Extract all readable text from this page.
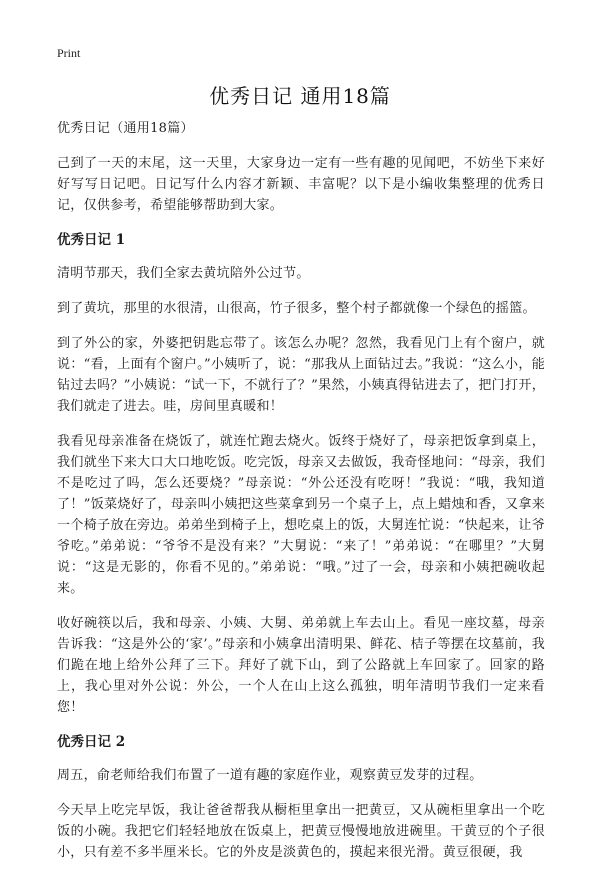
Print
优秀日记 通用18篇

优秀日记（通用18篇）

己到了一天的末尾，这一天里，大家身边一定有一些有趣的见闻吧，不妨坐下来好好写写日记吧。日记写什么内容才新颖、丰富呢？以下是小编收集整理的优秀日记，仅供参考，希望能够帮助到大家。

优秀日记 1

清明节那天，我们全家去黄坑陪外公过节。

到了黄坑，那里的水很清，山很高，竹子很多，整个村子都就像一个绿色的摇篮。

到了外公的家，外婆把钥匙忘带了。该怎么办呢？忽然，我看见门上有个窗户，就说：“看，上面有个窗户。”小姨听了，说：“那我从上面钻过去。”我说：“这么小，能钻过去吗？”小姨说：“试一下，不就行了？”果然，小姨真得钻进去了，把门打开，我们就走了进去。哇，房间里真暖和！

我看见母亲准备在烧饭了，就连忙跑去烧火。饭终于烧好了，母亲把饭拿到桌上，我们就坐下来大口大口地吃饭。吃完饭，母亲又去做饭，我奇怪地问：“母亲，我们不是吃过了吗，怎么还要烧？”母亲说：“外公还没有吃呀！”我说：“哦，我知道了！”饭菜烧好了，母亲叫小姨把这些菜拿到另一个桌子上，点上蜡烛和香，又拿来一个椅子放在旁边。弟弟坐到椅子上，想吃桌上的饭，大舅连忙说：“快起来，让爷爷吃。”弟弟说：“爷爷不是没有来？”大舅说：“来了！”弟弟说：“在哪里？”大舅说：“这是无影的，你看不见的。”弟弟说：“哦。”过了一会，母亲和小姨把碗收起来。

收好碗筷以后，我和母亲、小姨、大舅、弟弟就上车去山上。看见一座坟墓，母亲告诉我：“这是外公的‘家’。”母亲和小姨拿出清明果、鲜花、桔子等摆在坟墓前，我们跪在地上给外公拜了三下。拜好了就下山，到了公路就上车回家了。回家的路上，我心里对外公说：外公，一个人在山上这么孤独，明年清明节我们一定来看您！

优秀日记 2

周五，俞老师给我们布置了一道有趣的家庭作业，观察黄豆发芽的过程。

今天早上吃完早饭，我让爸爸帮我从橱柜里拿出一把黄豆，又从碗柜里拿出一个吃饭的小碗。我把它们轻轻地放在饭桌上，把黄豆慢慢地放进碗里。干黄豆的个子很小，只有差不多半厘米长。它的外皮是淡黄色的，摸起来很光滑。黄豆很硬，我
